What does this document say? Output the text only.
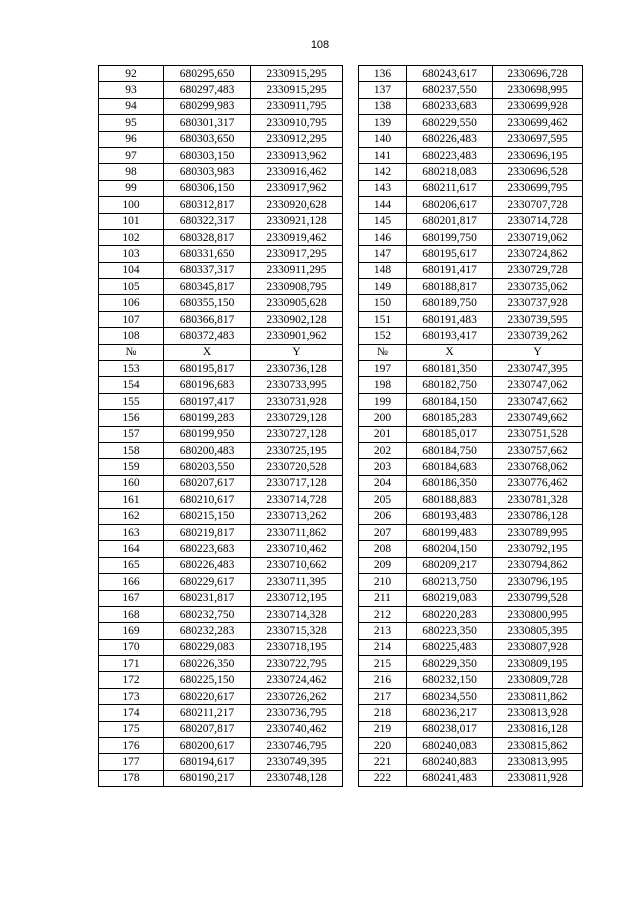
108
92	680295,650	2330915,295		136	680243,617	2330696,728
93	680297,483	2330915,295		137	680237,550	2330698,995
94	680299,983	2330911,795		138	680233,683	2330699,928
95	680301,317	2330910,795		139	680229,550	2330699,462
96	680303,650	2330912,295		140	680226,483	2330697,595
97	680303,150	2330913,962		141	680223,483	2330696,195
98	680303,983	2330916,462		142	680218,083	2330696,528
99	680306,150	2330917,962		143	680211,617	2330699,795
100	680312,817	2330920,628		144	680206,617	2330707,728
101	680322,317	2330921,128		145	680201,817	2330714,728
102	680328,817	2330919,462		146	680199,750	2330719,062
103	680331,650	2330917,295		147	680195,617	2330724,862
104	680337,317	2330911,295		148	680191,417	2330729,728
105	680345,817	2330908,795		149	680188,817	2330735,062
106	680355,150	2330905,628		150	680189,750	2330737,928
107	680366,817	2330902,128		151	680191,483	2330739,595
108	680372,483	2330901,962		152	680193,417	2330739,262
№	X	Y		№	X	Y
153	680195,817	2330736,128		197	680181,350	2330747,395
154	680196,683	2330733,995		198	680182,750	2330747,062
155	680197,417	2330731,928		199	680184,150	2330747,662
156	680199,283	2330729,128		200	680185,283	2330749,662
157	680199,950	2330727,128		201	680185,017	2330751,528
158	680200,483	2330725,195		202	680184,750	2330757,662
159	680203,550	2330720,528		203	680184,683	2330768,062
160	680207,617	2330717,128		204	680186,350	2330776,462
161	680210,617	2330714,728		205	680188,883	2330781,328
162	680215,150	2330713,262		206	680193,483	2330786,128
163	680219,817	2330711,862		207	680199,483	2330789,995
164	680223,683	2330710,462		208	680204,150	2330792,195
165	680226,483	2330710,662		209	680209,217	2330794,862
166	680229,617	2330711,395		210	680213,750	2330796,195
167	680231,817	2330712,195		211	680219,083	2330799,528
168	680232,750	2330714,328		212	680220,283	2330800,995
169	680232,283	2330715,328		213	680223,350	2330805,395
170	680229,083	2330718,195		214	680225,483	2330807,928
171	680226,350	2330722,795		215	680229,350	2330809,195
172	680225,150	2330724,462		216	680232,150	2330809,728
173	680220,617	2330726,262		217	680234,550	2330811,862
174	680211,217	2330736,795		218	680236,217	2330813,928
175	680207,817	2330740,462		219	680238,017	2330816,128
176	680200,617	2330746,795		220	680240,083	2330815,862
177	680194,617	2330749,395		221	680240,883	2330813,995
178	680190,217	2330748,128		222	680241,483	2330811,928
